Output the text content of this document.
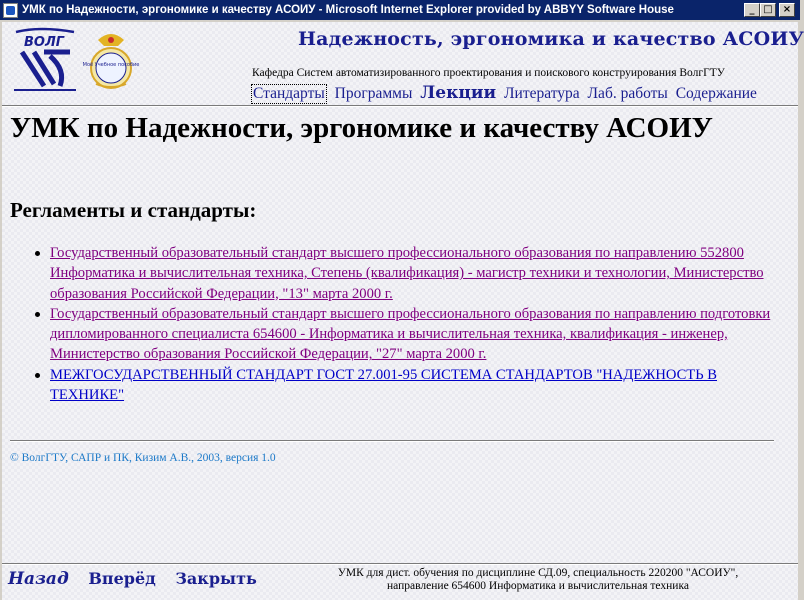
УМК по Надежности, эргономике и качеству АСОИУ - Microsoft Internet Explorer provided by ABBYY Software House	_ □	×
ВОЛГ
Моё Учебное пособие
Надежность, эргономика и качество АСОИУ
Кафедра Систем автоматизированного проектирования и поискового конструирования ВолгГТУ
Стандарты Программы Лекции Литература Лаб. работы Содержание
УМК по Надежности, эргономике и качеству АСОИУ
Регламенты и стандарты:
Государственный образовательный стандарт высшего профессионального образования по направлению 552800 Информатика и вычислительная техника, Степень (квалификация) - магистр техники и технологии, Министерство образования Российской Федерации, "13" марта 2000 г.
Государственный образовательный стандарт высшего профессионального образования по направлению подготовки дипломированного специалиста 654600 - Информатика и вычислительная техника, квалификация - инженер, Министерство образования Российской Федерации, "27" марта 2000 г.
МЕЖГОСУДАРСТВЕННЫЙ СТАНДАРТ ГОСТ 27.001-95 СИСТЕМА СТАНДАРТОВ "НАДЕЖНОСТЬ В ТЕХНИКЕ"
© ВолгГТУ, САПР и ПК, Кизим А.В., 2003, версия 1.0
Назад Вперёд Закрыть	УМК для дист. обучения по дисциплине СД.09, специальность 220200 "АСОИУ",
направление 654600 Информатика и вычислительная техника
